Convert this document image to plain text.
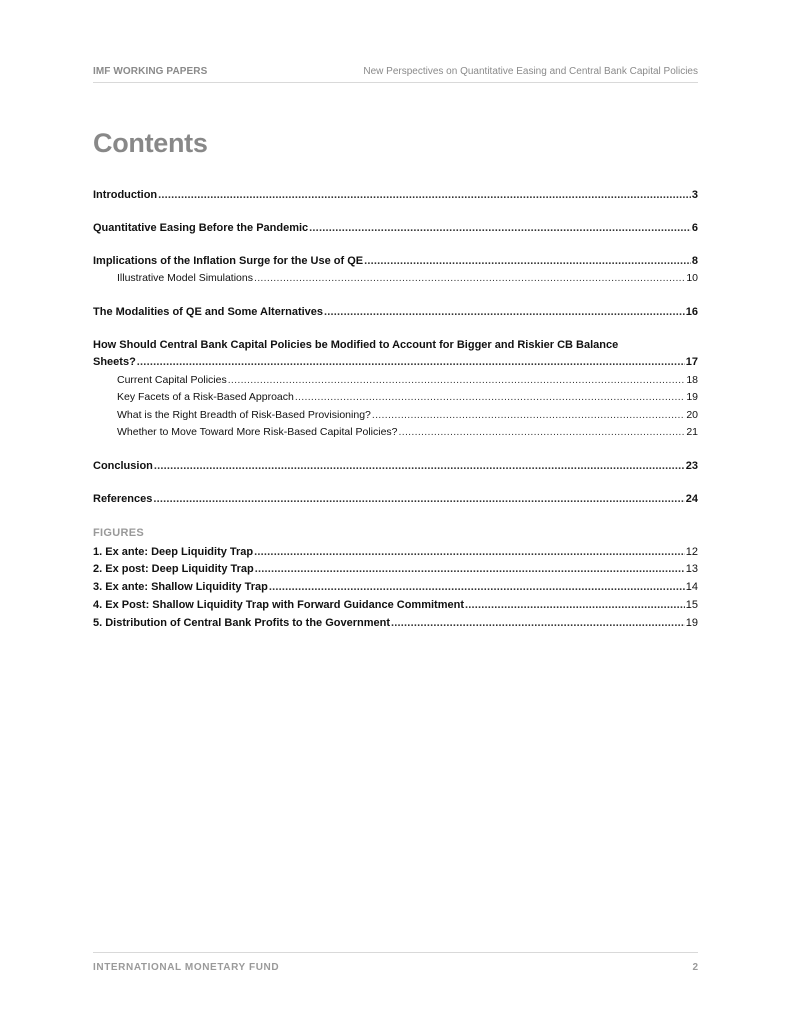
IMF WORKING PAPERS	New Perspectives on Quantitative Easing and Central Bank Capital Policies
Contents
Introduction .....	3
Quantitative Easing Before the Pandemic .....	6
Implications of the Inflation Surge for the Use of QE .....	8
Illustrative Model Simulations .....	10
The Modalities of QE and Some Alternatives .....	16
How Should Central Bank Capital Policies be Modified to Account for Bigger and Riskier CB Balance
Sheets? .....	17
Current Capital Policies .....	18
Key Facets of a Risk-Based Approach .....	19
What is the Right Breadth of Risk-Based Provisioning? .....	20
Whether to Move Toward More Risk-Based Capital Policies? .....	21
Conclusion .....	23
References .....	24
FIGURES
1. Ex ante: Deep Liquidity Trap .....	12
2. Ex post: Deep Liquidity Trap .....	13
3. Ex ante: Shallow Liquidity Trap .....	14
4. Ex Post: Shallow Liquidity Trap with Forward Guidance Commitment .....	15
5. Distribution of Central Bank Profits to the Government .....	19
INTERNATIONAL MONETARY FUND	2
